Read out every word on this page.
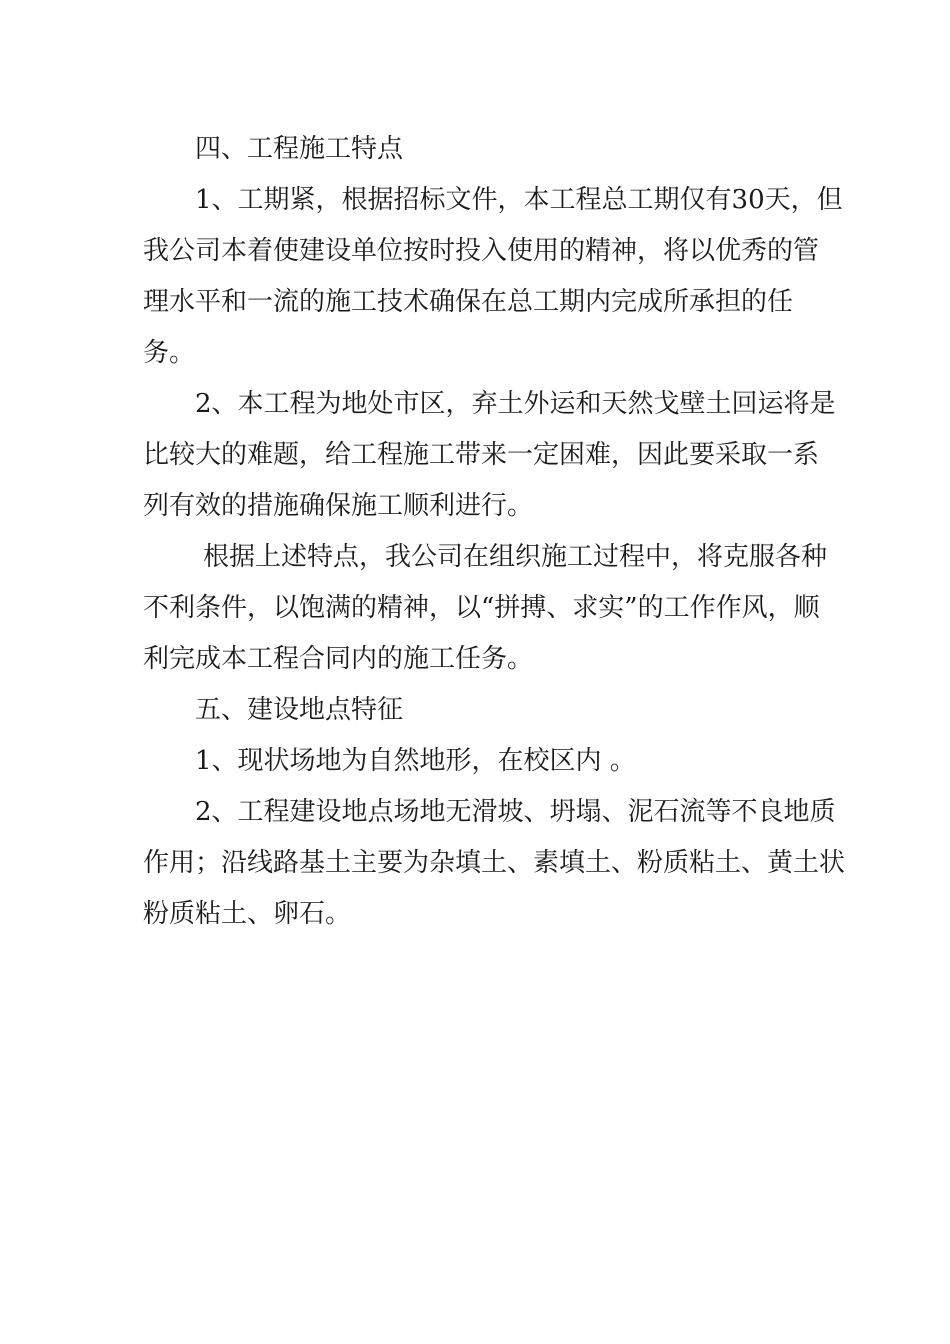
四、工程施工特点
1、工期紧，根据招标文件，本工程总工期仅有30天，但
我公司本着使建设单位按时投入使用的精神，将以优秀的管
理水平和一流的施工技术确保在总工期内完成所承担的任
务。
2、本工程为地处市区，弃土外运和天然戈壁土回运将是
比较大的难题，给工程施工带来一定困难，因此要采取一系
列有效的措施确保施工顺利进行。
根据上述特点，我公司在组织施工过程中，将克服各种
不利条件，以饱满的精神，以“拼搏、求实”的工作作风，顺
利完成本工程合同内的施工任务。
五、建设地点特征
1、现状场地为自然地形，在校区内 。
2、工程建设地点场地无滑坡、坍塌、泥石流等不良地质
作用；沿线路基土主要为杂填土、素填土、粉质粘土、黄土状
粉质粘土、卵石。
